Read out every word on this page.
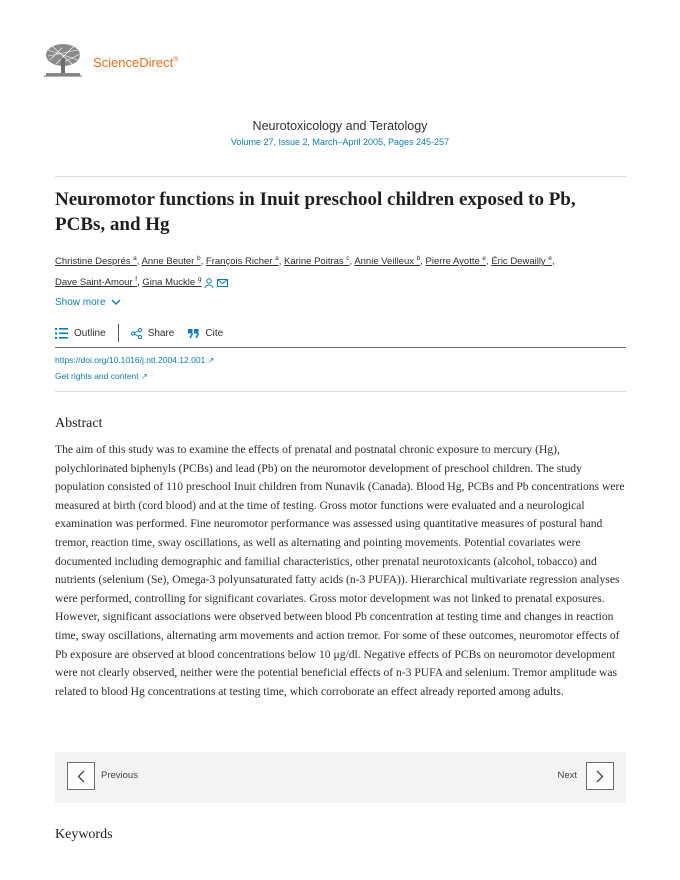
ScienceDirect®
Neurotoxicology and Teratology
Volume 27, Issue 2, March–April 2005, Pages 245-257
Neuromotor functions in Inuit preschool children exposed to Pb, PCBs, and Hg
Christine Després $^a$, Anne Beuter $^b$, François Richer $^a$, Karine Poitras $^c$, Annie Veilleux $^b$, Pierre Ayotte $^e$, Éric Dewailly $^e$,
Dave Saint-Amour $^f$, Gina Muckle $^g$
Show more
Outline	Share	Cite
https://doi.org/10.1016/j.ntt.2004.12.001 ↗
Get rights and content ↗
Abstract

The aim of this study was to examine the effects of prenatal and postnatal chronic exposure to mercury (Hg), polychlorinated biphenyls (PCBs) and lead (Pb) on the neuromotor development of preschool children. The study population consisted of 110 preschool Inuit children from Nunavik (Canada). Blood Hg, PCBs and Pb concentrations were measured at birth (cord blood) and at the time of testing. Gross motor functions were evaluated and a neurological examination was performed. Fine neuromotor performance was assessed using quantitative measures of postural hand tremor, reaction time, sway oscillations, as well as alternating and pointing movements. Potential covariates were documented including demographic and familial characteristics, other prenatal neurotoxicants (alcohol, tobacco) and nutrients (selenium (Se), Omega-3 polyunsaturated fatty acids (n-3 PUFA)). Hierarchical multivariate regression analyses were performed, controlling for significant covariates. Gross motor development was not linked to prenatal exposures. However, significant associations were observed between blood Pb concentration at testing time and changes in reaction time, sway oscillations, alternating arm movements and action tremor. For some of these outcomes, neuromotor effects of Pb exposure are observed at blood concentrations below 10 μg/dl. Negative effects of PCBs on neuromotor development were not clearly observed, neither were the potential beneficial effects of n-3 PUFA and selenium. Tremor amplitude was related to blood Hg concentrations at testing time, which corroborate an effect already reported among adults.

Previous	Next
Keywords
